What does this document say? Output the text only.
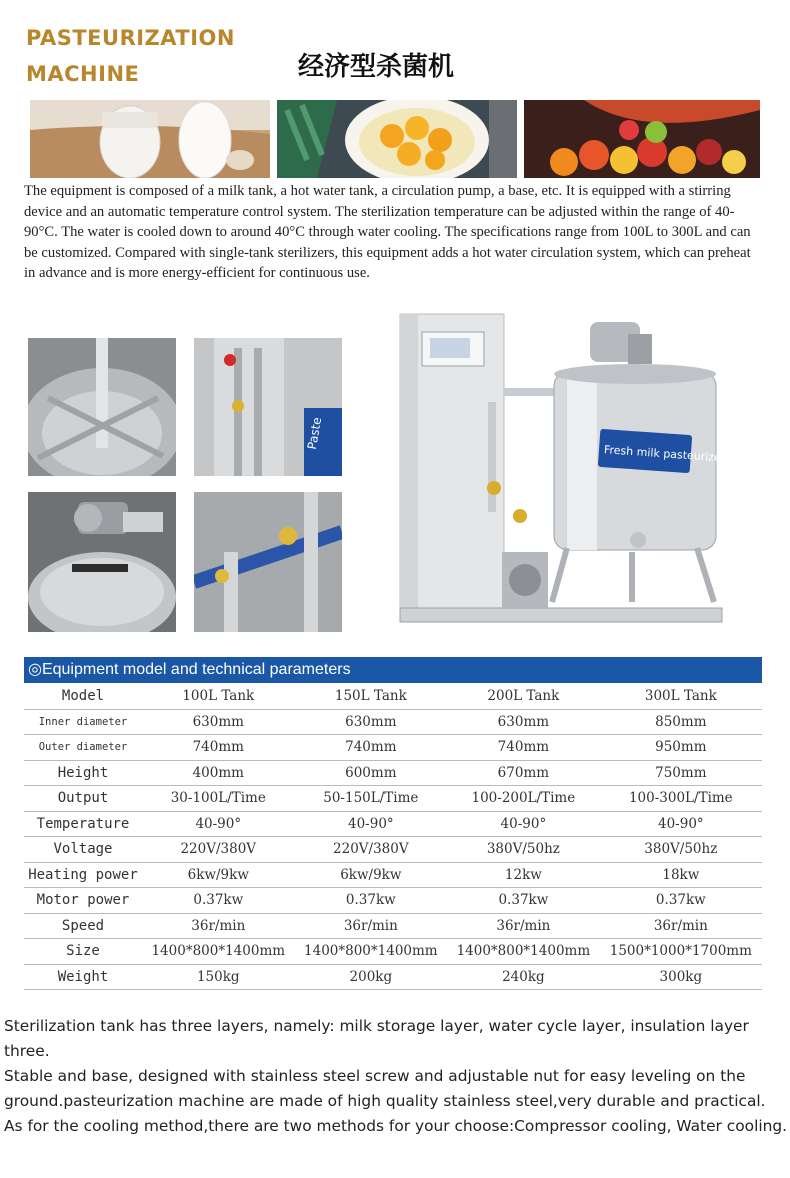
PASTEURIZATION
MACHINE	经济型杀菌机

The equipment is composed of a milk tank, a hot water tank, a circulation pump, a base, etc. It is equipped with a stirring device and an automatic temperature control system. The sterilization temperature can be adjusted within the range of 40-90°C. The water is cooled down to around 40°C through water cooling. The specifications range from 100L to 300L and can be customized. Compared with single-tank sterilizers, this equipment adds a hot water circulation system, which can preheat in advance and is more energy-efficient for continuous use.

Paste
Fresh milk pasteurizer
◎Equipment model and technical parameters
Model	100L Tank	150L Tank	200L Tank	300L Tank
Inner diameter	630mm	630mm	630mm	850mm
Outer diameter	740mm	740mm	740mm	950mm
Height	400mm	600mm	670mm	750mm
Output	30-100L/Time	50-150L/Time	100-200L/Time	100-300L/Time
Temperature	40-90°	40-90°	40-90°	40-90°
Voltage	220V/380V	220V/380V	380V/50hz	380V/50hz
Heating power	6kw/9kw	6kw/9kw	12kw	18kw
Motor power	0.37kw	0.37kw	0.37kw	0.37kw
Speed	36r/min	36r/min	36r/min	36r/min
Size	1400*800*1400mm	1400*800*1400mm	1400*800*1400mm	1500*1000*1700mm
Weight	150kg	200kg	240kg	300kg

Sterilization tank has three layers, namely: milk storage layer, water cycle layer, insulation layer three.

Stable and base, designed with stainless steel screw and adjustable nut for easy leveling on the ground.pasteurization machine are made of high quality stainless steel,very durable and practical.

As for the cooling method,there are two methods for your choose:Compressor cooling, Water cooling.
